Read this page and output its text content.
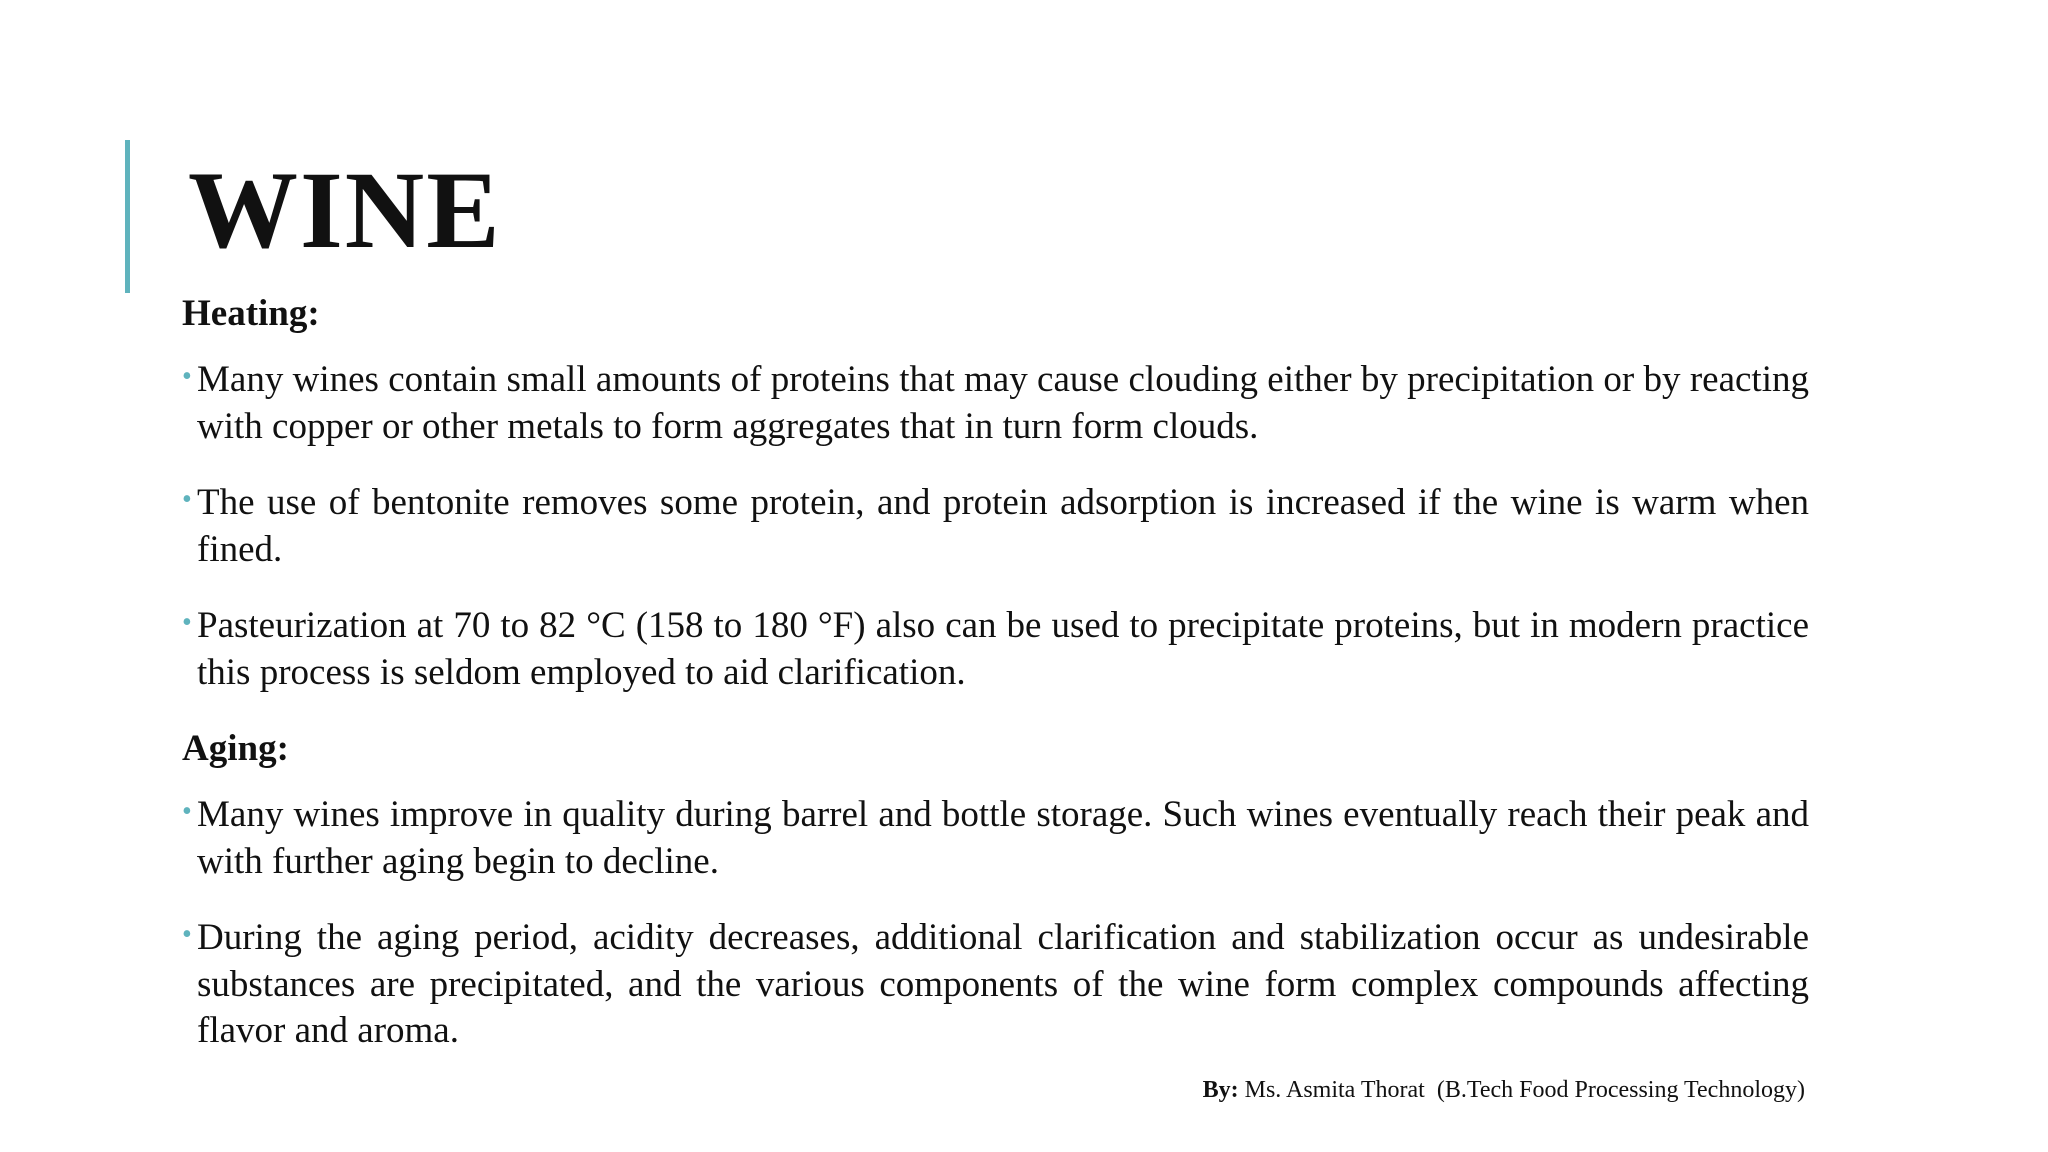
WINE

Heating:

• Many wines contain small amounts of proteins that may cause clouding either by precipitation or by reacting with copper or other metals to form aggregates that in turn form clouds.
• The use of bentonite removes some protein, and protein adsorption is increased if the wine is warm when fined.
• Pasteurization at 70 to 82 °C (158 to 180 °F) also can be used to precipitate proteins, but in modern practice this process is seldom employed to aid clarification.

Aging:

• Many wines improve in quality during barrel and bottle storage. Such wines eventually reach their peak and with further aging begin to decline.
• During the aging period, acidity decreases, additional clarification and stabilization occur as undesirable substances are precipitated, and the various components of the wine form complex compounds affecting flavor and aroma.
By: Ms. Asmita Thorat  (B.Tech Food Processing Technology)
